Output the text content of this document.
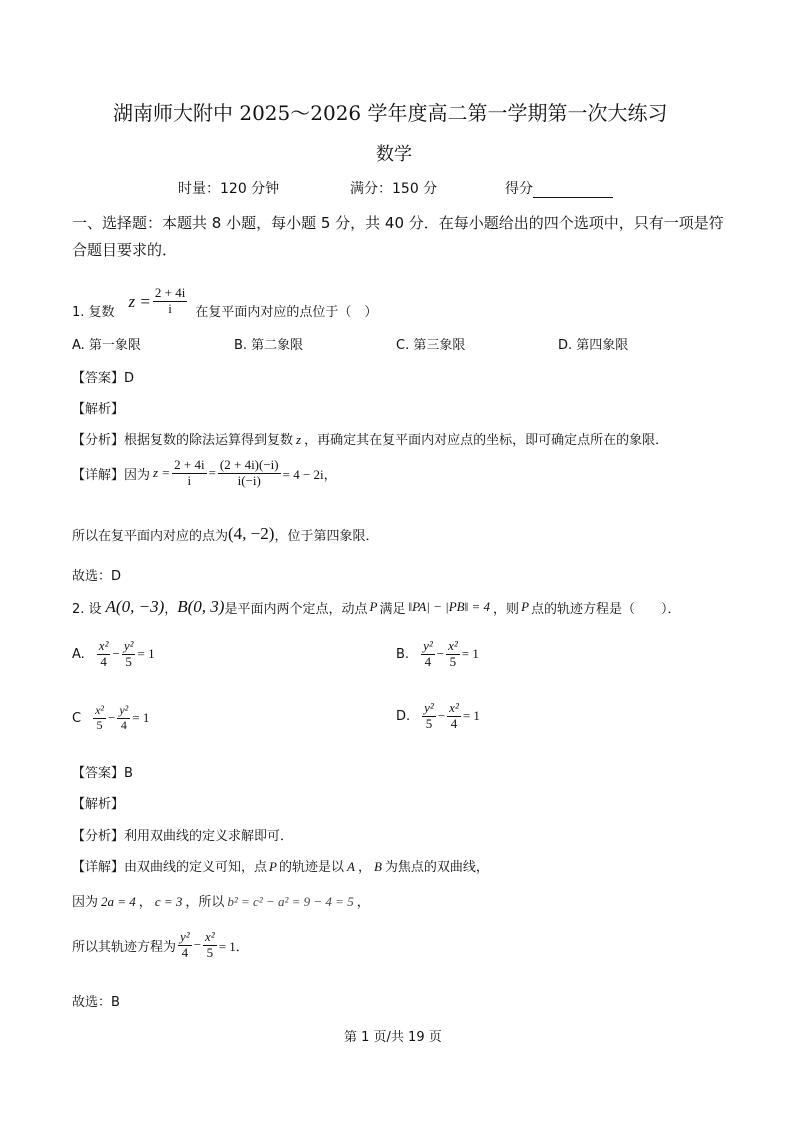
湖南师大附中 2025～2026 学年度高二第一学期第一次大练习
数学
时量：120 分钟	满分：150 分	得分
一、选择题：本题共 8 小题，每小题 5 分，共 40 分．在每小题给出的四个选项中，只有一项是符合题目要求的．
1. 复数
$z = \frac{2 + 4i}{i}$ 在复平面内对应的点位于（　）
A. 第一象限	B. 第二象限	C. 第三象限	D. 第四象限
【答案】D
【解析】
【分析】根据复数的除法运算得到复数 z ，再确定其在复平面内对应点的坐标，即可确定点所在的象限．
【详解】因为 $z = \frac{2 + 4i}{i} = \frac{(2 + 4i)(-i)}{i(-i)} = 4 - 2i$，
所以在复平面内对应的点为 (4, −2) ，位于第四象限．
故选：D
2. 设 A(0, −3) ， B(0, 3) 是平面内两个定点，动点 P 满足 ‖PA| − |PB‖ = 4 ，则 P 点的轨迹方程是（　　）．
A. $\frac{\text{x²}}{4} - \frac{\text{y²}}{5} = 1$	B. $\frac{\text{y²}}{4} - \frac{\text{x²}}{5} = 1$
C $\frac{\text{x²}}{5} - \frac{\text{y²}}{4} = 1$	D. $\frac{\text{y²}}{5} - \frac{\text{x²}}{4} = 1$
【答案】B
【解析】
【分析】利用双曲线的定义求解即可．
【详解】由双曲线的定义可知，点 P 的轨迹是以 A ， B 为焦点的双曲线，
因为 2a = 4 ， c = 3 ，所以 b² = c² − a² = 9 − 4 = 5 ，
所以其轨迹方程为 $\frac{\text{y²}}{4} - \frac{\text{x²}}{5} = 1$．
故选：B
第 1 页/共 19 页
